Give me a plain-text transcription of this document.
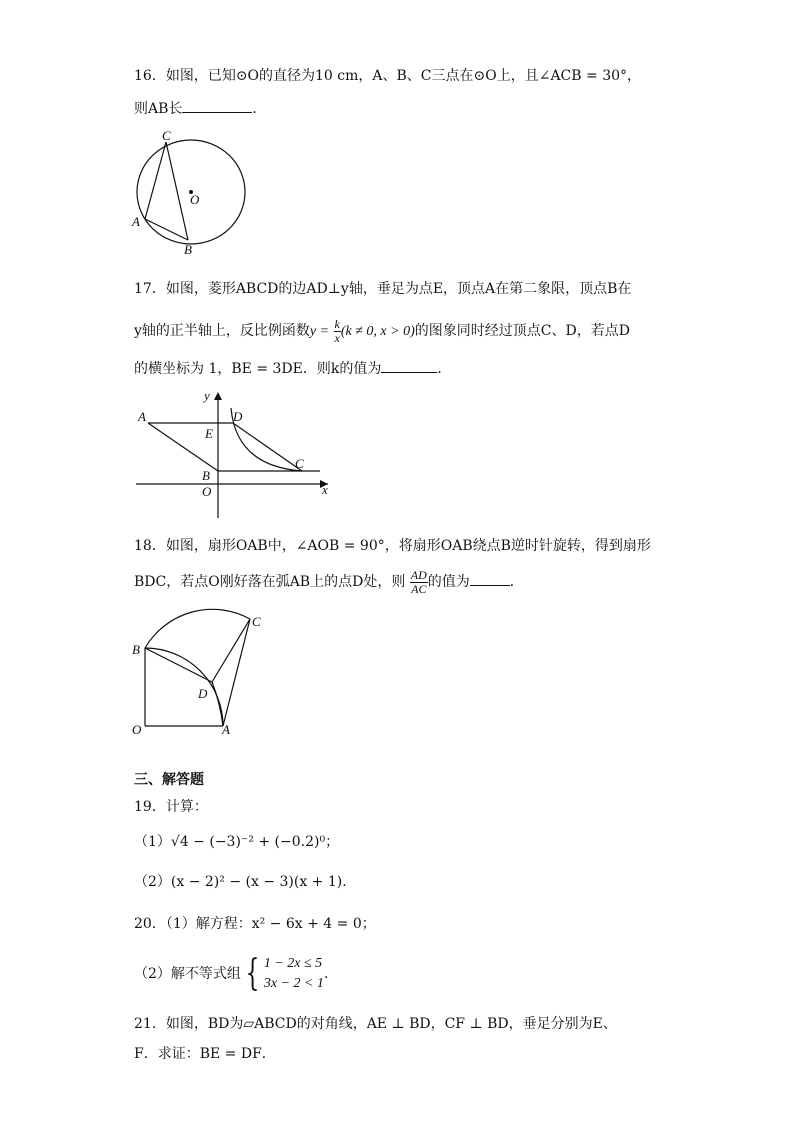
16．如图，已知⊙O的直径为10 cm，A、B、C三点在⊙O上，且∠ACB = 30°，
则AB长	．
C
O
A
B
17．如图，菱形ABCD的边AD⊥y轴，垂足为点E，顶点A在第二象限，顶点B在
y轴的正半轴上，反比例函数$y = \frac{k}{x} (k \ne 0$, x > 0)的图象同时经过顶点C、D，若点D
的横坐标为 1，BE = 3DE．则k的值为	．
x
y
A	D
E
B
C
O
18．如图，扇形OAB中，∠AOB = 90°，将扇形OAB绕点B逆时针旋转，得到扇形
BDC，若点O刚好落在弧AB上的点D处，则 $\frac{AD}{AC}$ 的值为	．
C
B
D
O	A
三、解答题
19．计算：
（1）√4 − (−3)⁻² + (−0.2)⁰；
（2）(x − 2)² − (x − 3)(x + 1)．
20．（1）解方程：x² − 6x + 4 = 0；
（2）解不等式组 { 1 − 2x ≤ 5
3x − 2 < 1
．
21．如图，BD为▱ABCD的对角线，AE ⊥ BD，CF ⊥ BD，垂足分别为E、
F．求证：BE = DF．
